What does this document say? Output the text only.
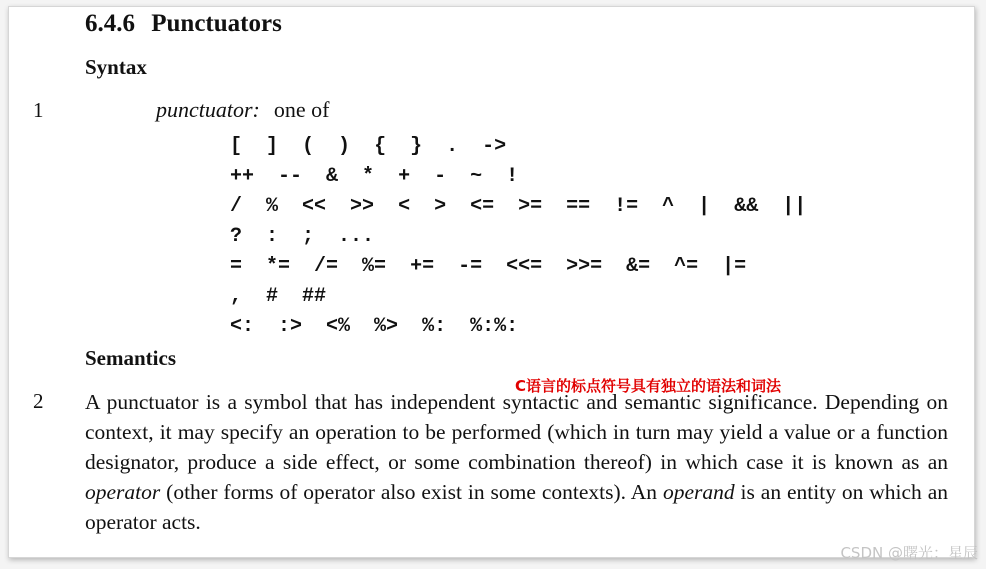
6.4.6 Punctuators
Syntax
1	punctuator: one of
[ ] ( ) { } . ->
++ -- & * + - ~ !
/ % << >> < > <= >= == != ^ | && ||
? : ; ...
= *= /= %= += -= <<= >>= &= ^= |=
, # ##
<: :> <% %> %: %:%:
Semantics
C语言的标点符号具有独立的语法和词法
2 A punctuator is a symbol that has independent syntactic and semantic significance. Depending on context, it may specify an operation to be performed (which in turn may yield a value or a function designator, produce a side effect, or some combination thereof) in which case it is known as an operator (other forms of operator also exist in some contexts). An operand is an entity on which an operator acts.
CSDN @曙光：星辰
